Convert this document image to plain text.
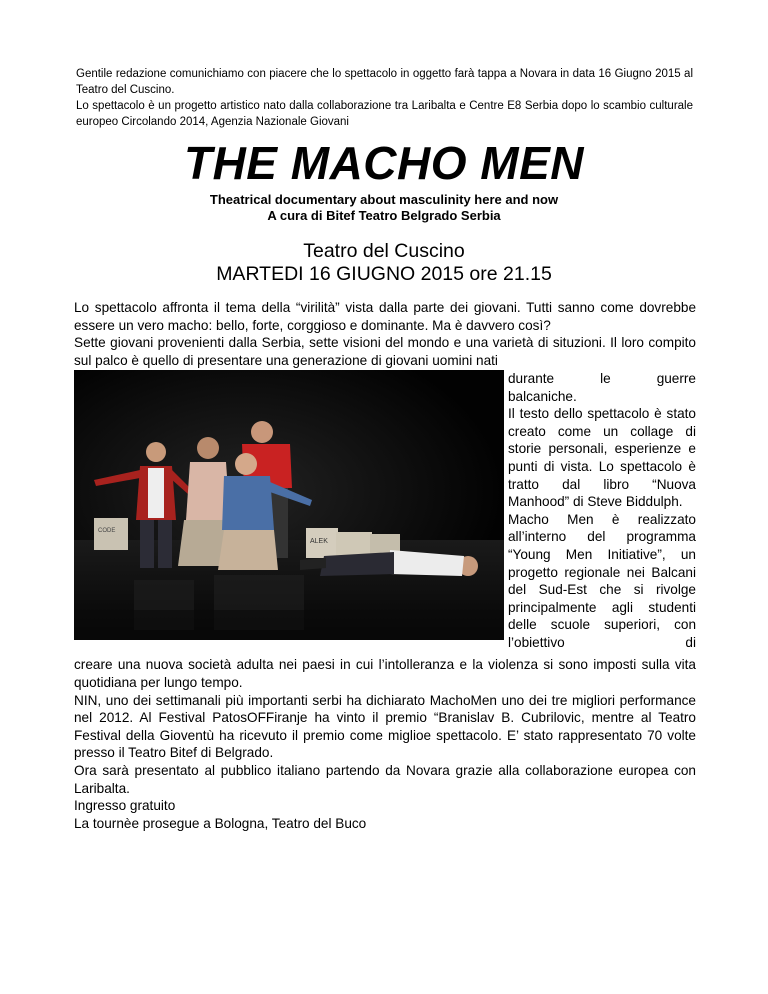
Gentile redazione comunichiamo con piacere che lo spettacolo in oggetto farà tappa a Novara in data 16 Giugno 2015 al Teatro del Cuscino.

Lo spettacolo è un progetto artistico nato dalla collaborazione tra Laribalta e Centre E8 Serbia dopo lo scambio culturale europeo Circolando 2014, Agenzia Nazionale Giovani

THE MACHO MEN
Theatrical documentary about masculinity here and now
A cura di Bitef Teatro Belgrado Serbia
Teatro del Cuscino
MARTEDI 16 GIUGNO 2015 ore 21.15

Lo spettacolo affronta il tema della “virilità” vista dalla parte dei giovani. Tutti sanno come dovrebbe essere un vero macho: bello, forte, corggioso e dominante. Ma è davvero così?

Sette giovani provenienti dalla Serbia, sette visioni del mondo e una varietà di situzioni. Il loro compito sul palco è quello di presentare una generazione di giovani uomini nati

creare una nuova società adulta nei paesi in cui l’intolleranza e la violenza si sono imposti sulla vita quotidiana per lungo tempo.

NIN, uno dei settimanali più importanti serbi ha dichiarato MachoMen uno dei tre migliori performance nel 2012. Al Festival PatosOFFiranje ha vinto il premio “Branislav B. Cubrilovic, mentre al Teatro Festival della Gioventù ha ricevuto il premio come miglioe spettacolo. E’ stato rappresentato 70 volte presso il Teatro Bitef di Belgrado.

Ora sarà presentato al pubblico italiano partendo da Novara grazie alla collaborazione europea con Laribalta.

Ingresso gratuito

La tournèe prosegue a Bologna, Teatro del Buco

ALEK
CODE

durante le guerre

balcaniche.

Il testo dello spettacolo è stato creato come un collage di storie personali, esperienze e punti di vista. Lo spettacolo è tratto dal libro “Nuova Manhood” di Steve Biddulph.

Macho Men è realizzato all’interno del programma “Young Men Initiative”, un progetto regionale nei Balcani del Sud-Est che si rivolge principalmente agli studenti delle scuole superiori, con l’obiettivo di
